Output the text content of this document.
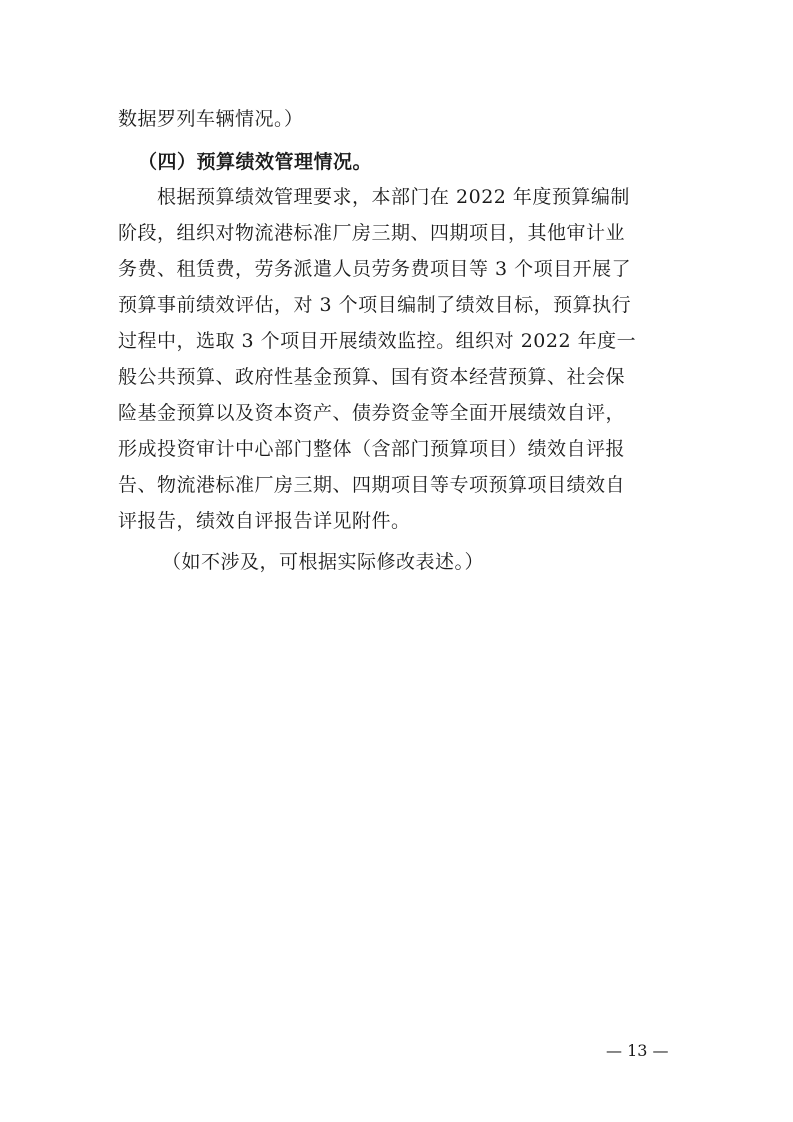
数据罗列车辆情况。）
（四）预算绩效管理情况。
根据预算绩效管理要求，本部门在 2022 年度预算编制
阶段，组织对物流港标准厂房三期、四期项目，其他审计业
务费、租赁费，劳务派遣人员劳务费项目等 3 个项目开展了
预算事前绩效评估，对 3 个项目编制了绩效目标，预算执行
过程中，选取 3 个项目开展绩效监控。组织对 2022 年度一
般公共预算、政府性基金预算、国有资本经营预算、社会保
险基金预算以及资本资产、债券资金等全面开展绩效自评，
形成投资审计中心部门整体（含部门预算项目）绩效自评报
告、物流港标准厂房三期、四期项目等专项预算项目绩效自
评报告，绩效自评报告详见附件。
（如不涉及，可根据实际修改表述。）
— 13 —
